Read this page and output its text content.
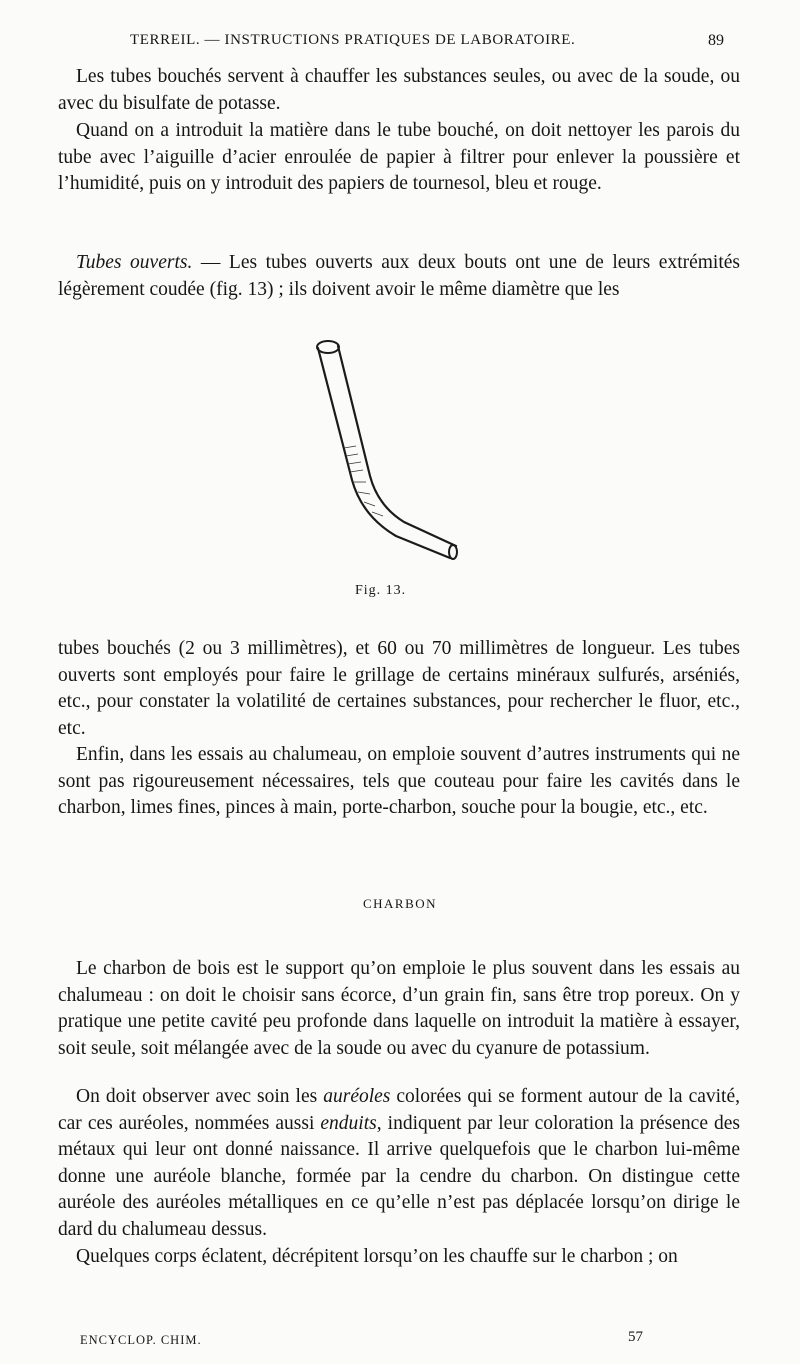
TERREIL. — INSTRUCTIONS PRATIQUES DE LABORATOIRE.	89
Les tubes bouchés servent à chauffer les substances seules, ou avec de la soude, ou avec du bisulfate de potasse.
Quand on a introduit la matière dans le tube bouché, on doit nettoyer les parois du tube avec l’aiguille d’acier enroulée de papier à filtrer pour enlever la poussière et l’humidité, puis on y introduit des papiers de tournesol, bleu et rouge.
Tubes ouverts. — Les tubes ouverts aux deux bouts ont une de leurs extrémités légèrement coudée (fig. 13) ; ils doivent avoir le même diamètre que les
Fig. 13.
tubes bouchés (2 ou 3 millimètres), et 60 ou 70 millimètres de longueur. Les tubes ouverts sont employés pour faire le grillage de certains minéraux sulfurés, arséniés, etc., pour constater la volatilité de certaines substances, pour rechercher le fluor, etc., etc.
Enfin, dans les essais au chalumeau, on emploie souvent d’autres instruments qui ne sont pas rigoureusement nécessaires, tels que couteau pour faire les cavités dans le charbon, limes fines, pinces à main, porte-charbon, souche pour la bougie, etc., etc.
CHARBON
Le charbon de bois est le support qu’on emploie le plus souvent dans les essais au chalumeau : on doit le choisir sans écorce, d’un grain fin, sans être trop poreux. On y pratique une petite cavité peu profonde dans laquelle on introduit la matière à essayer, soit seule, soit mélangée avec de la soude ou avec du cyanure de potassium.
On doit observer avec soin les auréoles colorées qui se forment autour de la cavité, car ces auréoles, nommées aussi enduits, indiquent par leur coloration la présence des métaux qui leur ont donné naissance. Il arrive quelquefois que le charbon lui-même donne une auréole blanche, formée par la cendre du charbon. On distingue cette auréole des auréoles métalliques en ce qu’elle n’est pas déplacée lorsqu’on dirige le dard du chalumeau dessus.
Quelques corps éclatent, décrépitent lorsqu’on les chauffe sur le charbon ; on
ENCYCLOP. CHIM.	57
